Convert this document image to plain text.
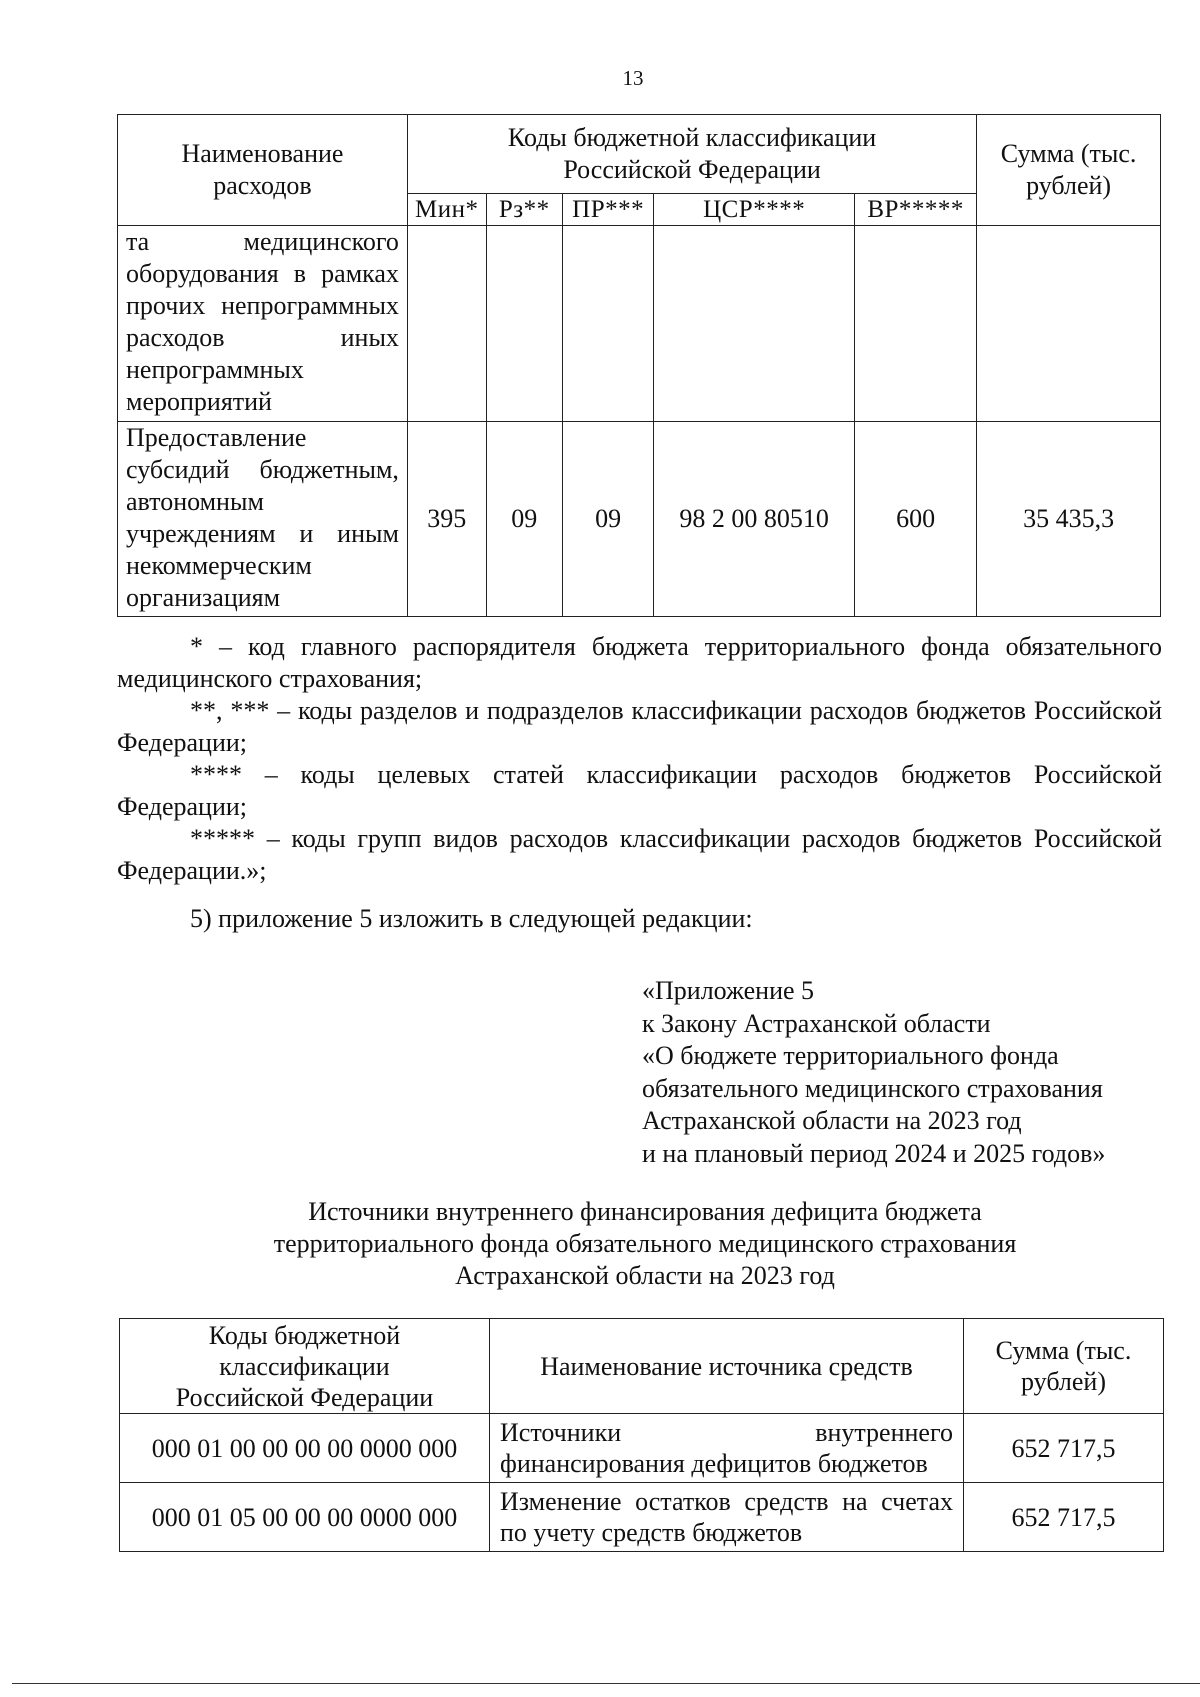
13
Наименование расходов	Коды бюджетной классификации Российской Федерации					Сумма (тыс. рублей)
	Мин*	Рз**	ПР***	ЦСР****	ВР*****	
та медицинского оборудования в рамках прочих непрограммных расходов иных непрограммных мероприятий						
Предоставление субсидий бюджетным, автономным учреждениям и иным некоммерческим организациям	395	09	09	98 2 00 80510	600	35 435,3
* – код главного распорядителя бюджета территориального фонда обязательного медицинского страхования;
**, *** – коды разделов и подразделов классификации расходов бюджетов Российской Федерации;
**** – коды целевых статей классификации расходов бюджетов Российской Федерации;
***** – коды групп видов расходов классификации расходов бюджетов Российской Федерации.»;
5) приложение 5 изложить в следующей редакции:
«Приложение 5
к Закону Астраханской области
«О бюджете территориального фонда
обязательного медицинского страхования
Астраханской области на 2023 год
и на плановый период 2024 и 2025 годов»
Источники внутреннего финансирования дефицита бюджета
территориального фонда обязательного медицинского страхования
Астраханской области на 2023 год
Коды бюджетной классификации Российской Федерации	Наименование источника средств	Сумма (тыс. рублей)
000 01 00 00 00 00 0000 000	Источники внутреннего финансирования дефицитов бюджетов	652 717,5
000 01 05 00 00 00 0000 000	Изменение остатков средств на счетах по учету средств бюджетов	652 717,5
